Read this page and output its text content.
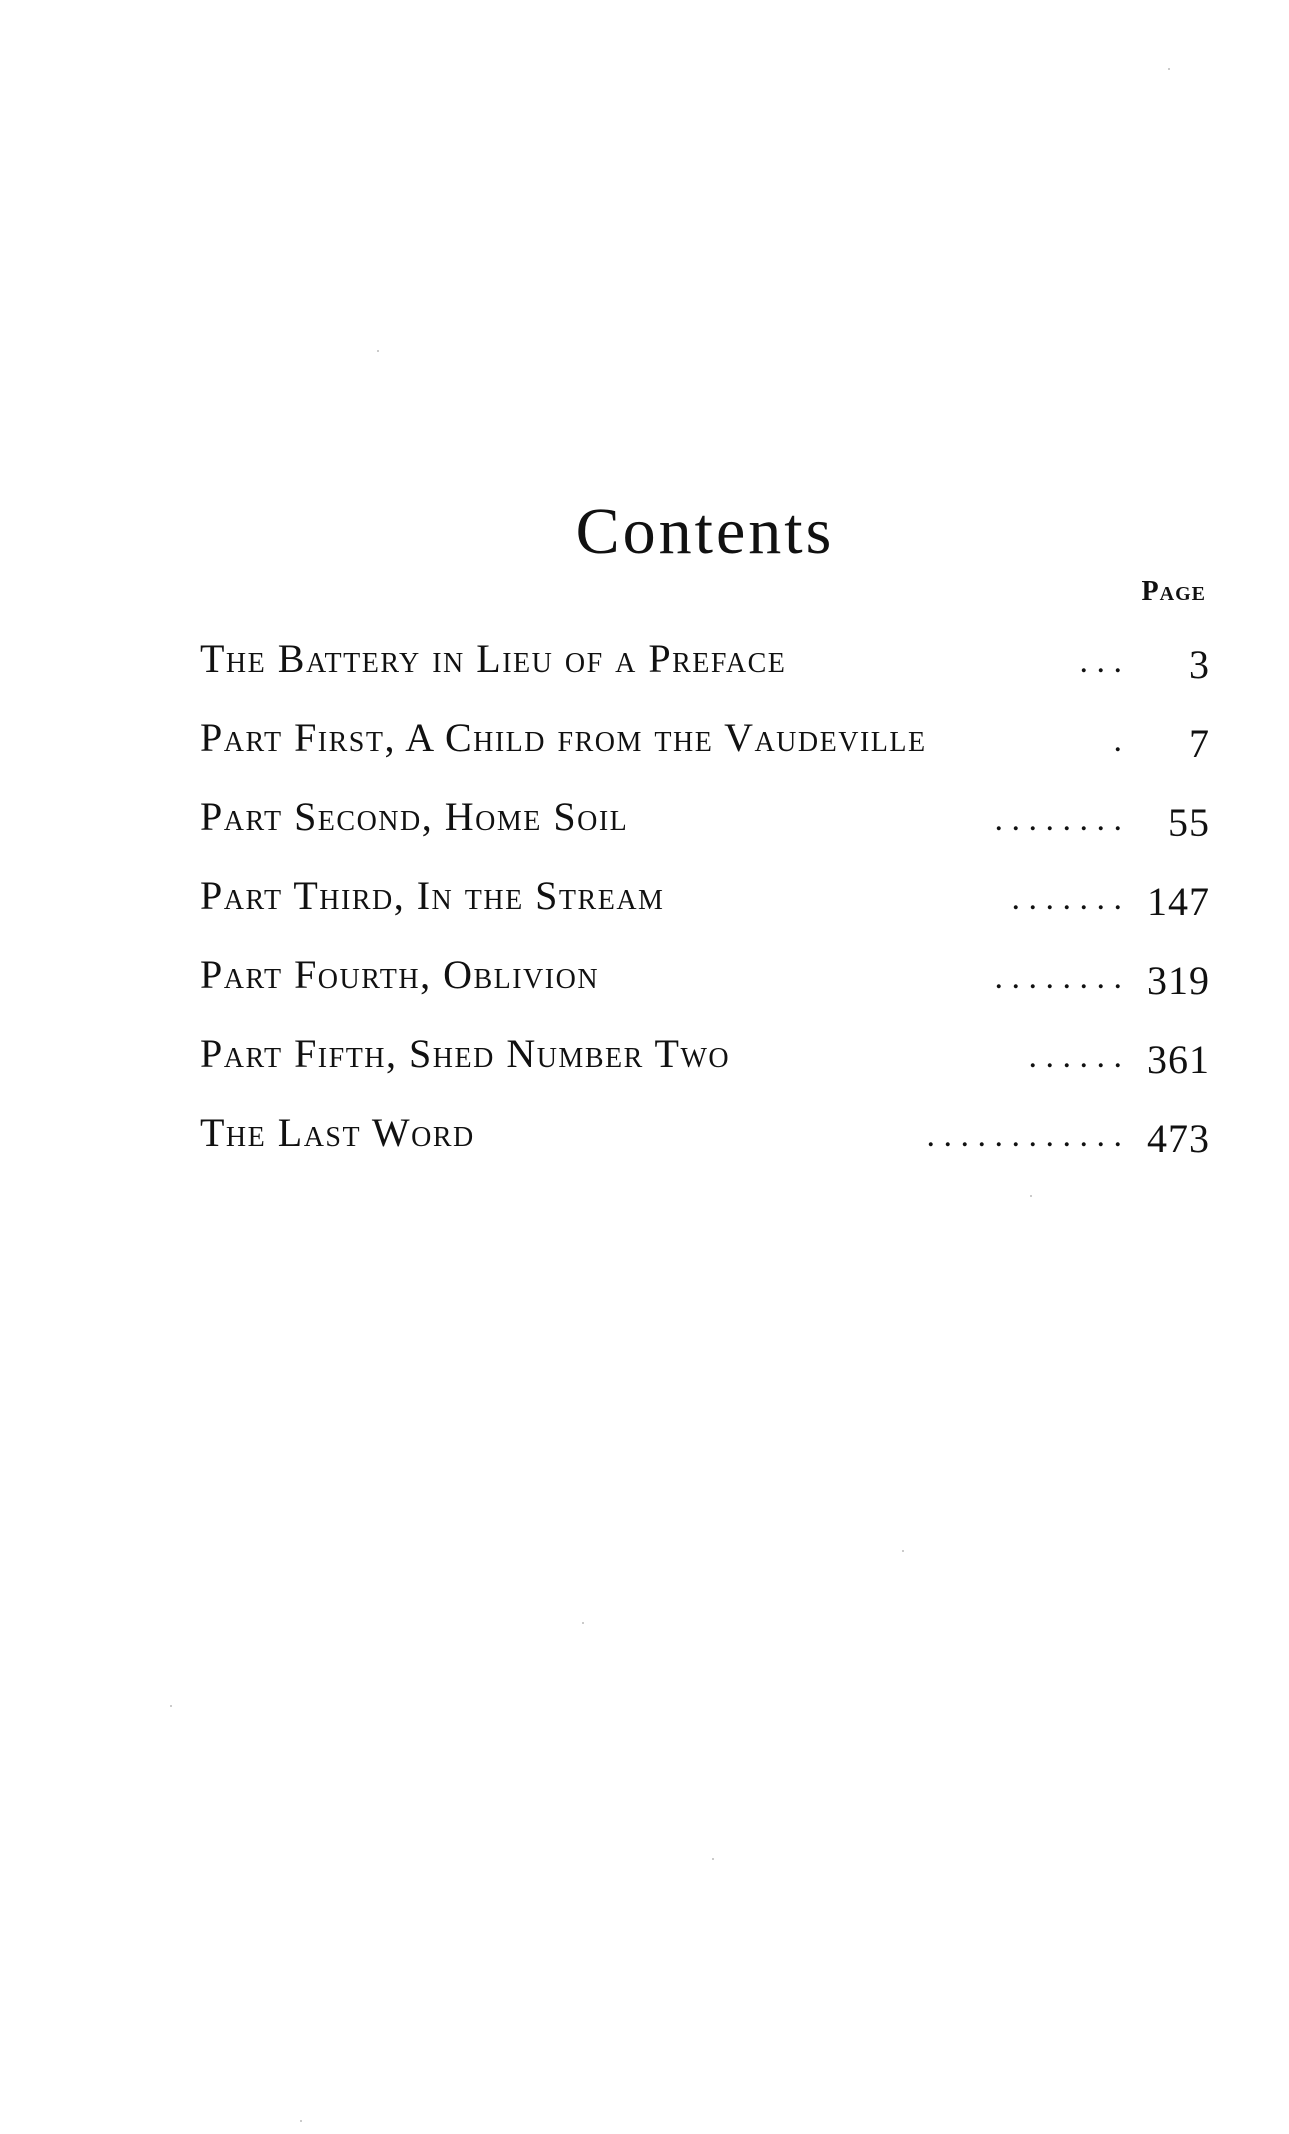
Contents
Page
The Battery in Lieu of a Preface	. . .	3
Part First, A Child from the Vaudeville	.	7
Part Second, Home Soil	. . . . . . . .	55
Part Third, In the Stream	. . . . . . . 147
Part Fourth, Oblivion	. . . . . . . . 319
Part Fifth, Shed Number Two	. . . . . . 361
The Last Word	. . . . . . . . . . . . 473
